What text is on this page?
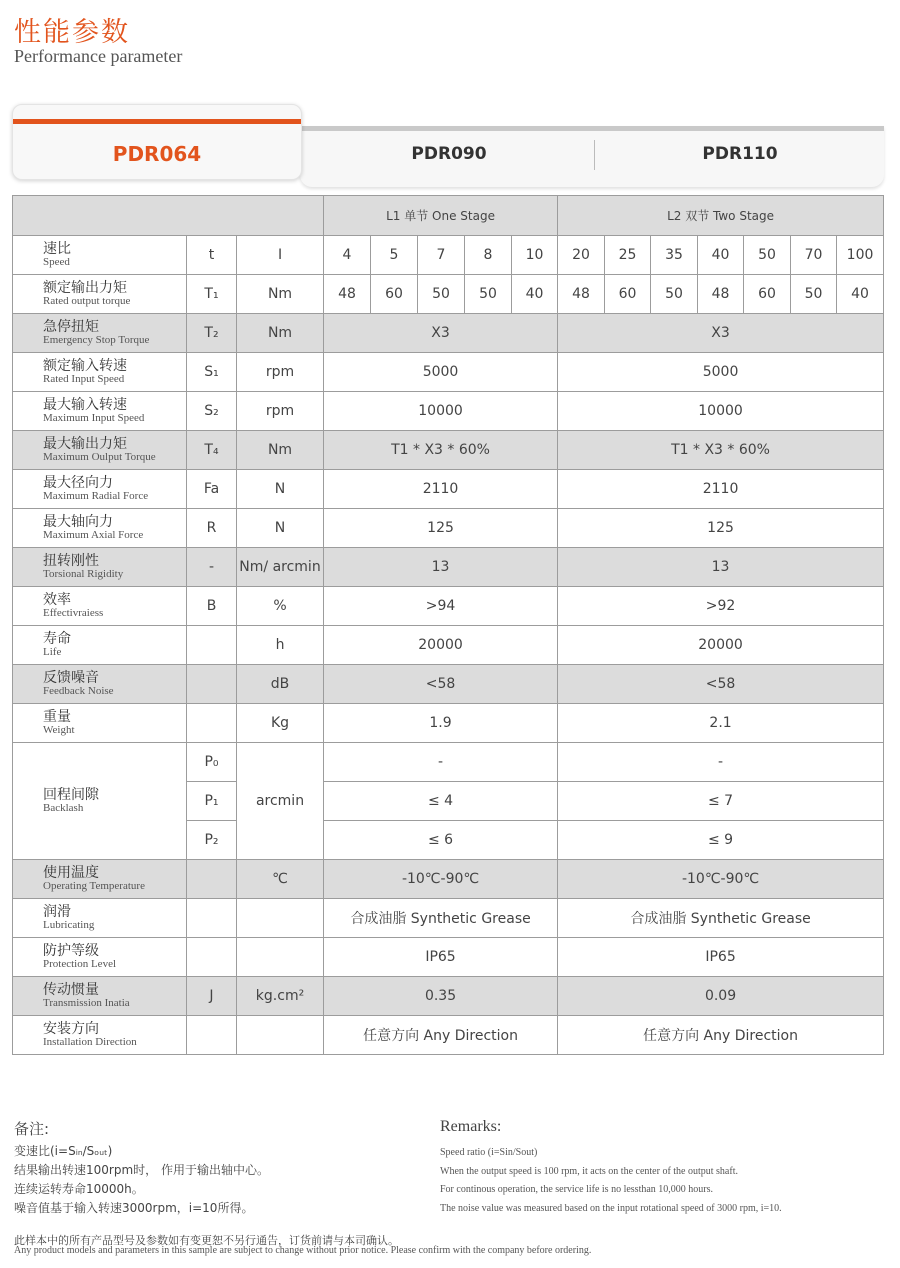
性能参数
Performance parameter
PDR064	PDR090	PDR110
			L1 单节 One Stage					L2 双节 Two Stage						

速比
Speed	t	I	4	5	7	8	10	20	25	35	40	50	70	100

额定输出力矩
Rated output torque	T₁	Nm	48	60	50	50	40	48	60	50	48	60	50	40

急停扭矩
Emergency Stop Torque	T₂	Nm	X3					X3						

额定输入转速
Rated Input Speed	S₁	rpm	5000					5000						

最大输入转速
Maximum Input Speed	S₂	rpm	10000					10000						

最大输出力矩
Maximum Oulput Torque	T₄	Nm	T1 * X3 * 60%					T1 * X3 * 60%						

最大径向力
Maximum Radial Force	Fa	N	2110					2110						

最大轴向力
Maximum Axial Force	R	N	125					125						

扭转刚性
Torsional Rigidity	-	Nm/ arcmin	13					13						

效率
Effectivraiess	B	%	>94					>92						

寿命
Life		h	20000					20000						

反馈噪音
Feedback Noise		dB	<58					<58						

重量
Weight		Kg	1.9					2.1						

回程间隙
Backlash	P₀	arcmin	-					-						
	P₁		≤ 4					≤ 7						
	P₂		≤ 6					≤ 9						

使用温度
Operating Temperature		℃	-10℃-90℃					-10℃-90℃						

润滑
Lubricating			合成油脂 Synthetic Grease					合成油脂 Synthetic Grease						

防护等级
Protection Level			IP65					IP65						

传动惯量
Transmission Inatia	J	kg.cm²	0.35					0.09						

安装方向
Installation Direction			任意方向 Any Direction					任意方向 Any Direction						
备注:
变速比(i=Sᵢₙ/Sₒᵤₜ)
结果输出转速100rpm时， 作用于输出轴中心。
连续运转寿命10000h。
噪音值基于输入转速3000rpm，i=10所得。
Remarks:
Speed ratio (i=Sin/Sout)
When the output speed is 100 rpm, it acts on the center of the output shaft.
For continous operation, the service life is no lessthan 10,000 hours.
The noise value was measured based on the input rotational speed of 3000 rpm, i=10.
此样本中的所有产品型号及参数如有变更恕不另行通告，订货前请与本司确认。
Any product models and parameters in this sample are subject to change without prior notice. Please confirm with the company before ordering.
